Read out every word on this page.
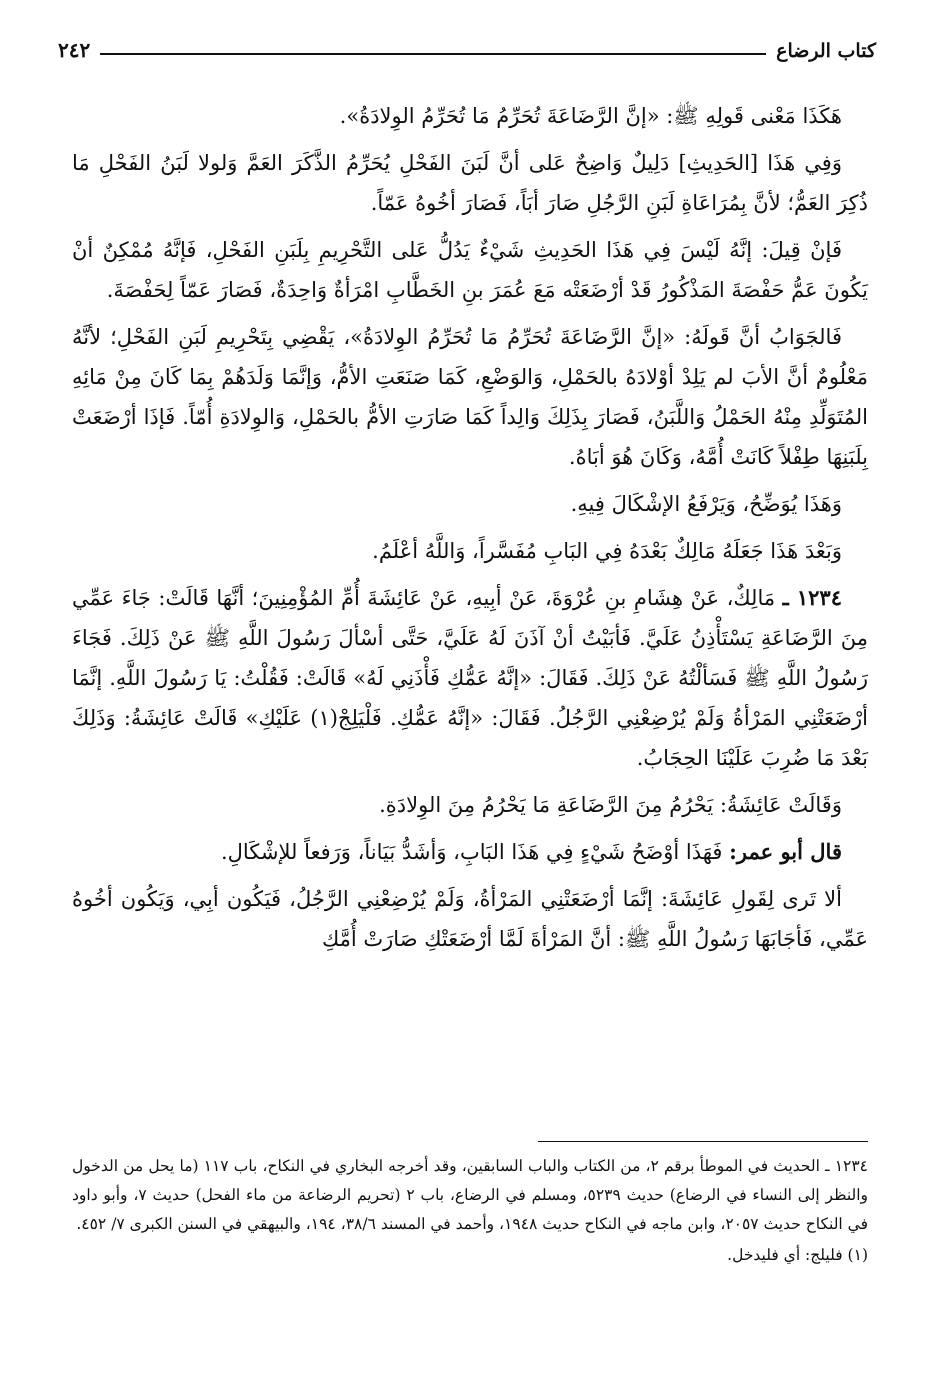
كتاب الرضاع
٢٤٢

هَكَذَا مَعْنى قَولِهِ ﷺ: «إنَّ الرَّضَاعَةَ تُحَرِّمُ مَا تُحَرِّمُ الوِلادَةُ».

وَفِي هَذَا [الحَدِيثِ] دَلِيلٌ وَاضِحٌ عَلى أنَّ لَبَنَ الفَحْلِ يُحَرِّمُ الذَّكَرَ العَمَّ وَلولا لَبَنُ الفَحْلِ مَا ذُكِرَ العَمُّ؛ لأنَّ بِمُرَاعَاةِ لَبَنِ الرَّجُلِ صَارَ أبَاً، فَصَارَ أخُوهُ عَمّاً.

فَإنْ قِيلَ: إنَّهُ لَيْسَ فِي هَذَا الحَدِيثِ شَيْءٌ يَدُلُّ عَلى التَّحْرِيمِ بِلَبَنِ الفَحْلِ، فَإنَّهُ مُمْكِنٌ أنْ يَكُونَ عَمُّ حَفْصَةَ المَذْكُورُ قَدْ أرْضَعَتْه مَعَ عُمَرَ بنِ الخَطَّابِ امْرَأةٌ وَاحِدَةٌ، فَصَارَ عَمّاً لِحَفْصَةَ.

فَالجَوَابُ أنَّ قَولَهُ: «إنَّ الرَّضَاعَةَ تُحَرِّمُ مَا تُحَرِّمُ الوِلادَةُ»، يَقْضِي بِتَحْرِيمِ لَبَنِ الفَحْلِ؛ لأنَّهُ مَعْلُومٌ أنَّ الأبَ لم يَلِدْ أوْلادَهُ بالحَمْلِ، وَالوَضْعِ، كَمَا صَنَعَتِ الأمُّ، وَإنَّمَا وَلَدَهُمْ بِمَا كَانَ مِنْ مَائِهِ المُتَوَلِّدِ مِنْهُ الحَمْلُ وَاللَّبَنُ، فَصَارَ بِذَلِكَ وَالِداً كَمَا صَارَتِ الأمُّ بالحَمْلِ، وَالوِلادَةِ أُمّاً. فَإذَا أرْضَعَتْ بِلَبَنِهَا طِفْلاً كَانَتْ أُمَّهُ، وَكَانَ هُوَ أبَاهُ.

وَهَذَا يُوَضِّحُ، وَيَرْفَعُ الإشْكَالَ فِيهِ.

وَبَعْدَ هَذَا جَعَلَهُ مَالِكٌ بَعْدَهُ فِي البَابِ مُفَسَّراً، وَاللَّهُ أعْلَمُ.

١٢٣٤ ـ مَالِكٌ، عَنْ هِشَامِ بنِ عُرْوَةَ، عَنْ أبِيهِ، عَنْ عَائِشَةَ أُمِّ المُؤْمِنِينَ؛ أنَّهَا قَالَتْ: جَاءَ عَمِّي مِنَ الرَّضَاعَةِ يَسْتَأْذِنُ عَلَيَّ. فَأبَيْتُ أنْ آذَنَ لَهُ عَلَيَّ، حَتَّى أسْألَ رَسُولَ اللَّهِ ﷺ عَنْ ذَلِكَ. فَجَاءَ رَسُولُ اللَّهِ ﷺ فَسَألْتُهُ عَنْ ذَلِكَ. فَقَالَ: «إنَّهُ عَمُّكِ فَأْذَنِي لَهُ» قَالَتْ: فَقُلْتُ: يَا رَسُولَ اللَّهِ. إنَّمَا أرْضَعَتْنِي المَرْأةُ وَلَمْ يُرْضِعْنِي الرَّجُلُ. فَقَالَ: «إنَّهُ عَمُّكِ. فَلْيَلِجْ(١) عَلَيْكِ» قَالَتْ عَائِشَةُ: وَذَلِكَ بَعْدَ مَا ضُرِبَ عَلَيْنَا الحِجَابُ.

وَقَالَتْ عَائِشَةُ: يَحْرُمُ مِنَ الرَّضَاعَةِ مَا يَحْرُمُ مِنَ الوِلادَةِ.

قال أبو عمر: فَهَذَا أوْضَحُ شَيْءٍ فِي هَذَا البَابِ، وَأشَدُّ بَيَاناً، وَرَفعاً للإشْكَالِ.

ألا تَرى لِقَولِ عَائِشَةَ: إنَّمَا أرْضَعَتْنِي المَرْأةُ، وَلَمْ يُرْضِعْنِي الرَّجُلُ، فَيَكُون أبِي، وَيَكُون أخُوهُ عَمِّي، فَأجَابَهَا رَسُولُ اللَّهِ ﷺ: أنَّ المَرْأةَ لَمَّا أرْضَعَتْكِ صَارَتْ أُمَّكِ

١٢٣٤ ـ الحديث في الموطأ برقم ٢، من الكتاب والباب السابقين، وقد أخرجه البخاري في النكاح، باب ١١٧ (ما يحل من الدخول والنظر إلى النساء في الرضاع) حديث ٥٢٣٩، ومسلم في الرضاع، باب ٢ (تحريم الرضاعة من ماء الفحل) حديث ٧، وأبو داود في النكاح حديث ٢٠٥٧، وابن ماجه في النكاح حديث ١٩٤٨، وأحمد في المسند ٣٨/٦، ١٩٤، والبيهقي في السنن الكبرى ٧/ ٤٥٢.

(١) فليلج: أي فليدخل.
